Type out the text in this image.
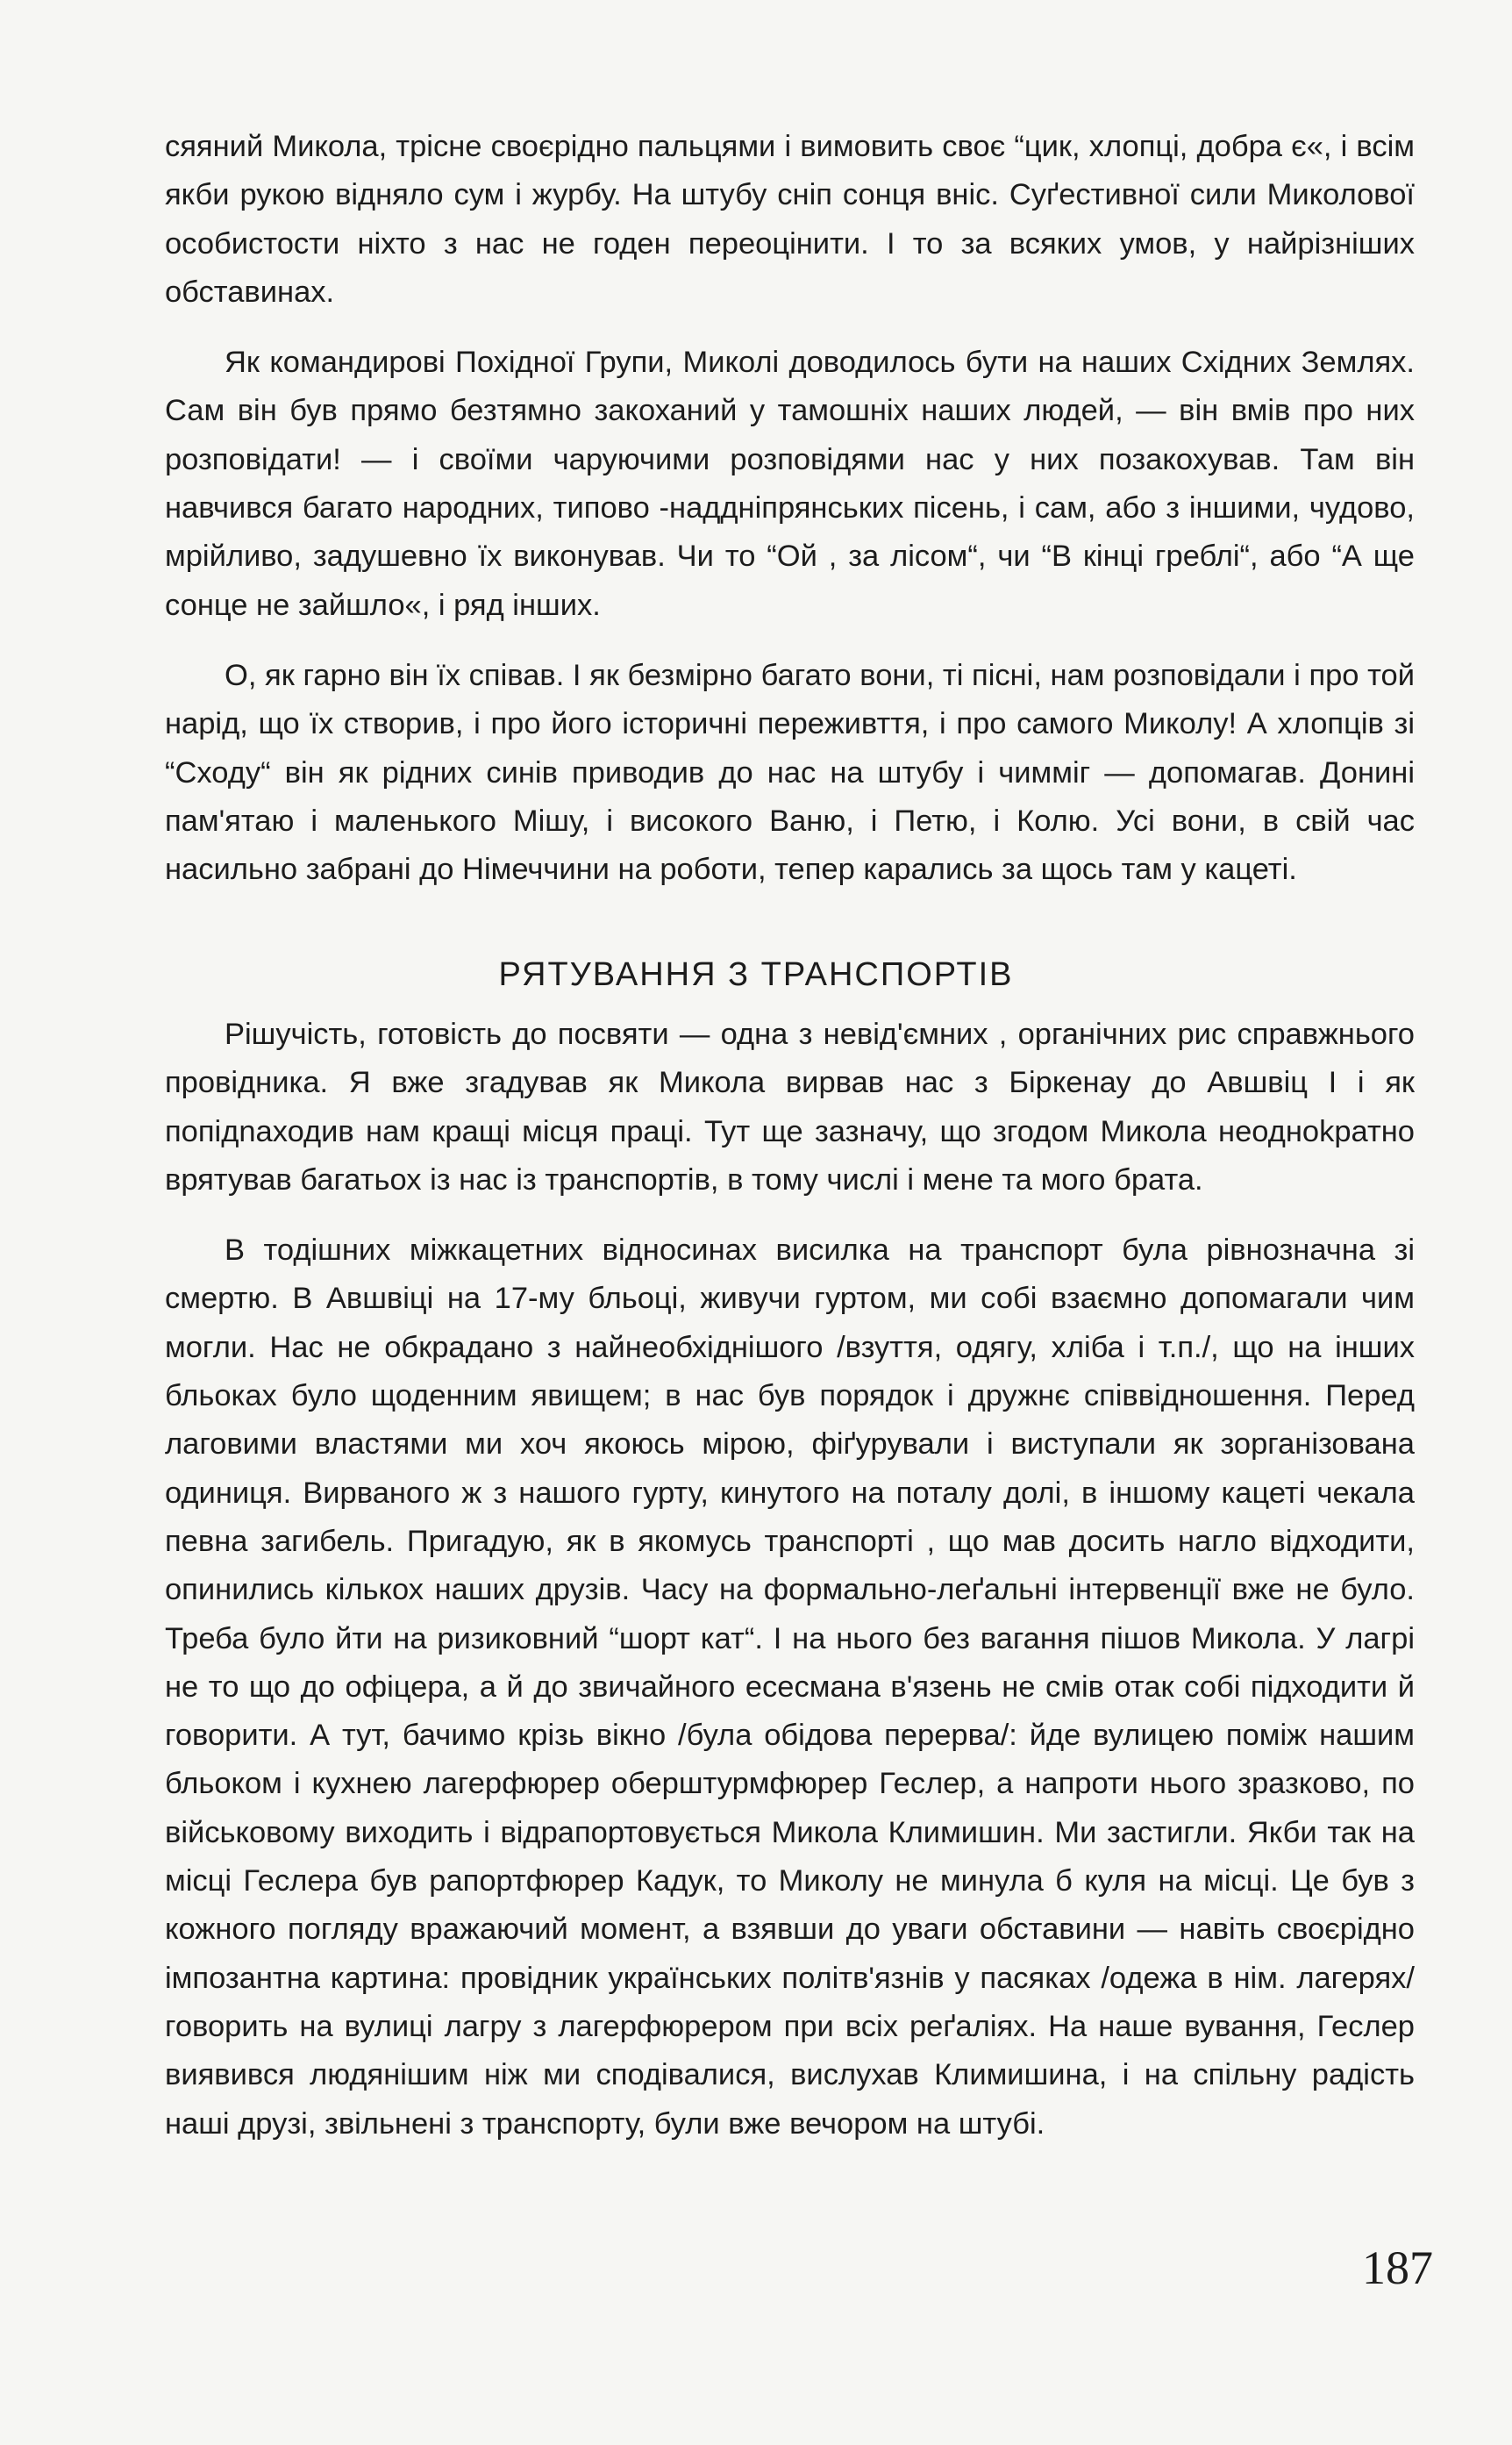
сяяний Микола, трісне своєрідно пальцями і вимовить своє “цик, хлопці, добра є«, і всім якби рукою відняло сум і журбу. На штубу сніп сонця вніс. Суґестивної сили Миколової особистости ніхто з нас не годен переоцінити. І то за всяких умов, у найрізніших обставинах.

Як командирові Похідної Групи, Миколі доводилось бути на наших Східних Землях. Сам він був прямо безтямно закоханий у тамошніх наших людей, — він вмів про них розповідати! — і своїми чаруючими розповідями нас у них позакохував. Там він навчився багато народних, типово -наддніпрянських пісень, і сам, або з іншими, чудово, мрійливо, задушевно їх виконував. Чи то “Ой , за лісом“, чи “В кінці греблі“, або “А ще сонце не зайшло«, і ряд інших.

О, як гарно він їх співав. І як безмірно багато вони, ті пісні, нам розповідали і про той нарід, що їх створив, і про його історичні переживття, і про самого Миколу! А хлопців зі “Сходу“ він як рідних синів приводив до нас на штубу і чимміг — допомагав. Донині пам'ятаю і маленького Мішу, і високого Ваню, і Петю, і Колю. Усі вони, в свій час насильно забрані до Німеччини на роботи, тепер карались за щось там у кацеті.

РЯТУВАННЯ З ТРАНСПОРТІВ

Рішучість, готовість до посвяти — одна з невід'ємних , органічних рис справжнього провідника. Я вже згадував як Микола вирвав нас з Біркенау до Авшвіц І і як попідnaходив нам кращі місця праці. Тут ще зазначу, що згодом Микола неодноkратно врятував багатьох із нас із транспортів, в тому числі і мене та мого брата.

В тодішних міжкацетних відносинах висилка на транспорт була рівнозначна зі смертю. В Авшвіці на 17-му бльоці, живучи гуртом, ми собі взаємно допомагали чим могли. Нас не обкрадано з найнеобхіднішого /взуття, одягу, хліба і т.п./, що на інших бльоках було щоденним явищем; в нас був порядок і дружнє співвідношення. Перед лаговими властями ми хоч якоюсь мірою, фіґурували і виступали як зорганізована одиниця. Вирваного ж з нашого гурту, кинутого на поталу долі, в іншому кацеті чекала певна загибель. Пригадую, як в якомусь транспорті , що мав досить нагло відходити, опинились кількох наших друзів. Часу на формально-леґальні інтервенції вже не було. Треба було йти на ризиковний “шорт кат“. І на нього без вагання пішов Микола. У лагрі не то що до офіцера, а й до звичайного есесмана в'язень не смів отак собі підходити й говорити. А тут, бачимо крізь вікно /була обідова перерва/: йде вулицею поміж нашим бльоком і кухнею лагерфюрер оберштурмфюрер Геслер, а напроти нього зразково, по військовому виходить і відрапортовується Микола Климишин. Ми застигли. Якби так на місці Геслера був рапортфюрер Кадук, то Миколу не минула б куля на місці. Це був з кожного погляду вражаючий момент, а взявши до уваги обставини — навіть своєрідно імпозантна картина: провідник українських політв'язнів у пасяках /одежа в нім. лагерях/ говорить на вулиці лагру з лагерфюрером при всіх реґаліях. На наше вування, Геслер виявився людянішим ніж ми сподівалися, вислухав Климишина, і на спільну радість наші друзі, звільнені з транспорту, були вже вечором на штубі.

187
